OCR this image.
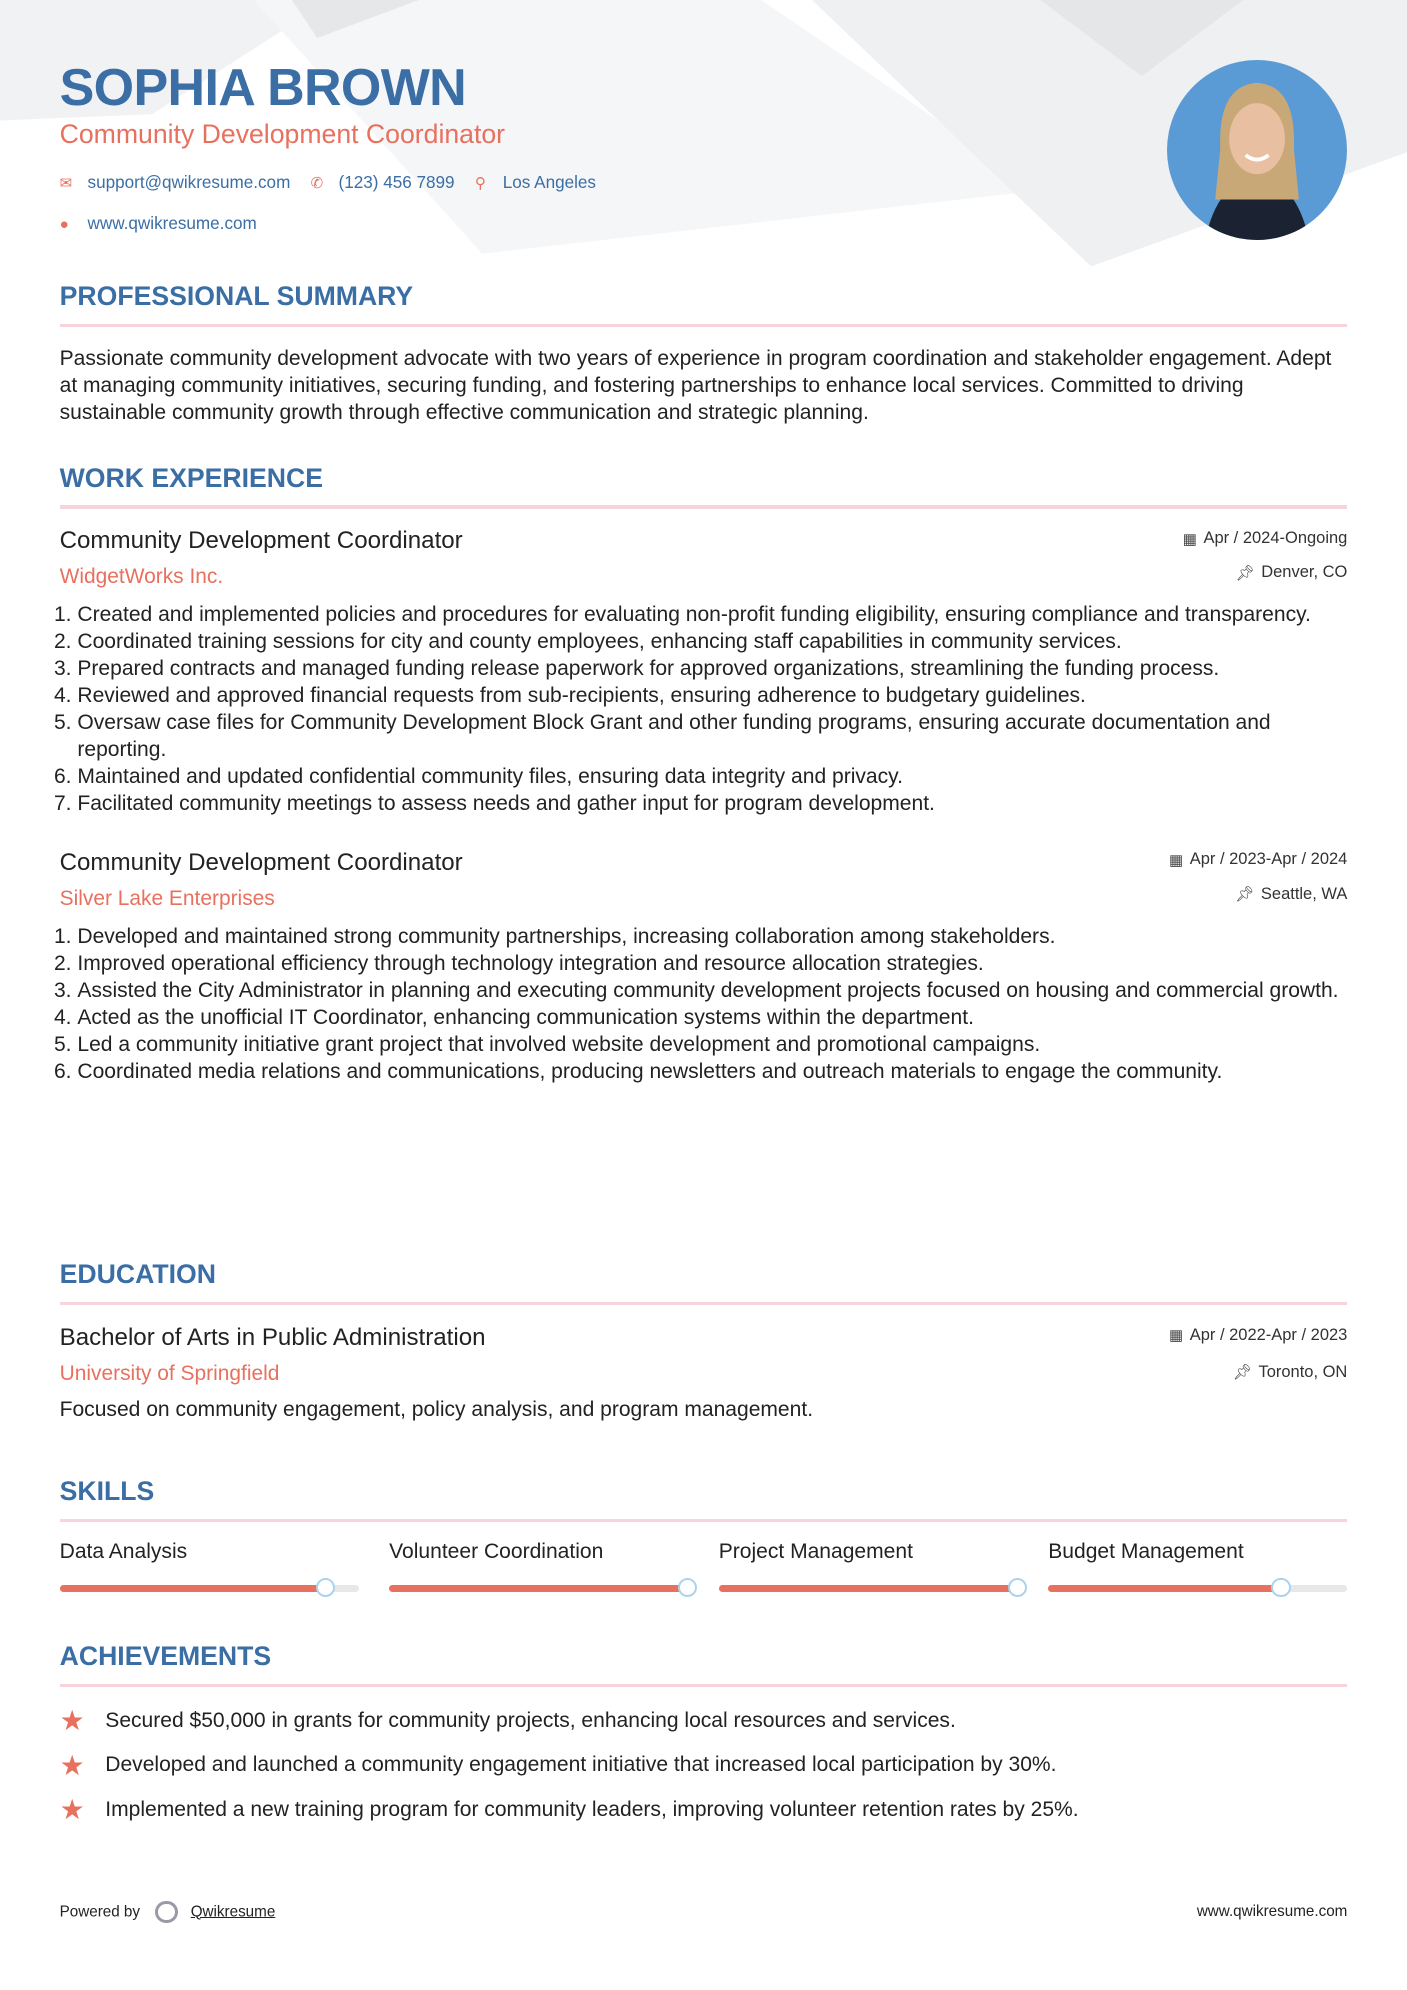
SOPHIA BROWN
Community Development Coordinator
✉	support@qwikresume.com ✆	(123) 456 7899 ⚲	Los Angeles
●	www.qwikresume.com
PROFESSIONAL SUMMARY
Passionate community development advocate with two years of experience in program coordination and stakeholder engagement. Adept at managing community initiatives, securing funding, and fostering partnerships to enhance local services. Committed to driving sustainable community growth through effective communication and strategic planning.
WORK EXPERIENCE
▦ Apr / 2024-Ongoing
📌︎ Denver, CO
Community Development Coordinator
WidgetWorks Inc.
1. Created and implemented policies and procedures for evaluating non-profit funding eligibility, ensuring compliance and transparency.
2. Coordinated training sessions for city and county employees, enhancing staff capabilities in community services.
3. Prepared contracts and managed funding release paperwork for approved organizations, streamlining the funding process.
4. Reviewed and approved financial requests from sub-recipients, ensuring adherence to budgetary guidelines.
5. Oversaw case files for Community Development Block Grant and other funding programs, ensuring accurate documentation and reporting.
6. Maintained and updated confidential community files, ensuring data integrity and privacy.
7. Facilitated community meetings to assess needs and gather input for program development.
▦ Apr / 2023-Apr / 2024
📌︎ Seattle, WA
Community Development Coordinator
Silver Lake Enterprises
1. Developed and maintained strong community partnerships, increasing collaboration among stakeholders.
2. Improved operational efficiency through technology integration and resource allocation strategies.
3. Assisted the City Administrator in planning and executing community development projects focused on housing and commercial growth.
4. Acted as the unofficial IT Coordinator, enhancing communication systems within the department.
5. Led a community initiative grant project that involved website development and promotional campaigns.
6. Coordinated media relations and communications, producing newsletters and outreach materials to engage the community.
EDUCATION
▦ Apr / 2022-Apr / 2023
📌︎ Toronto, ON
Bachelor of Arts in Public Administration
University of Springfield
Focused on community engagement, policy analysis, and program management.
SKILLS
Data Analysis	Volunteer Coordination	Project Management	Budget Management
ACHIEVEMENTS
★	Secured $50,000 in grants for community projects, enhancing local resources and services.
★	Developed and launched a community engagement initiative that increased local participation by 30%.
★	Implemented a new training program for community leaders, improving volunteer retention rates by 25%.
Powered by	Qwikresume	www.qwikresume.com
